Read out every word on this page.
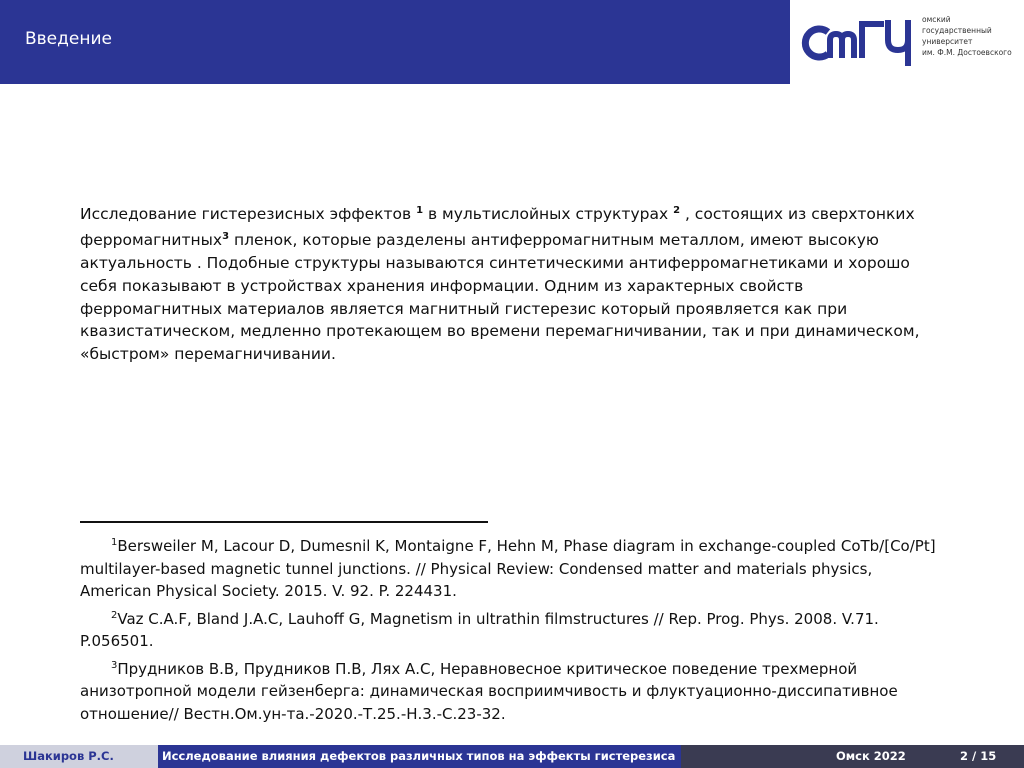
Введение
омский
государственный
университет
им. Ф.М. Достоевского
Исследование гистерезисных эффектов $^1$ в мультислойных структурах $^2$ , состоящих из сверхтонких ферромагнитных$^3$ пленок, которые разделены антиферромагнитным металлом, имеют высокую актуальность . Подобные структуры называются синтетическими антиферромагнетиками и хорошо себя показывают в устройствах хранения информации. Одним из характерных свойств ферромагнитных материалов является магнитный гистерезис который проявляется как при квазистатическом, медленно протекающем во времени перемагничивании, так и при динамическом, «быстром» перемагничивании.
$^1$Bersweiler M, Lacour D, Dumesnil K, Montaigne F, Hehn M, Phase diagram in exchange-coupled CoTb/[Co/Pt] multilayer-based magnetic tunnel junctions. // Physical Review: Condensed matter and materials physics, American Physical Society. 2015. V. 92. P. 224431.
$^2$Vaz C.A.F, Bland J.A.C, Lauhoff G, Magnetism in ultrathin filmstructures // Rep. Prog. Phys. 2008. V.71. P.056501.
$^3$Прудников В.В, Прудников П.В, Лях А.С, Неравновесное критическое поведение трехмерной анизотропной модели гейзенберга: динамическая восприимчивость и флуктуационно-диссипативное отношение// Вестн.Ом.ун-та.-2020.-Т.25.-Н.3.-С.23-32.
Шакиров Р.С.	Исследование влияния дефектов различных типов на эффекты гистерезиса	Омск 2022	2 / 15
